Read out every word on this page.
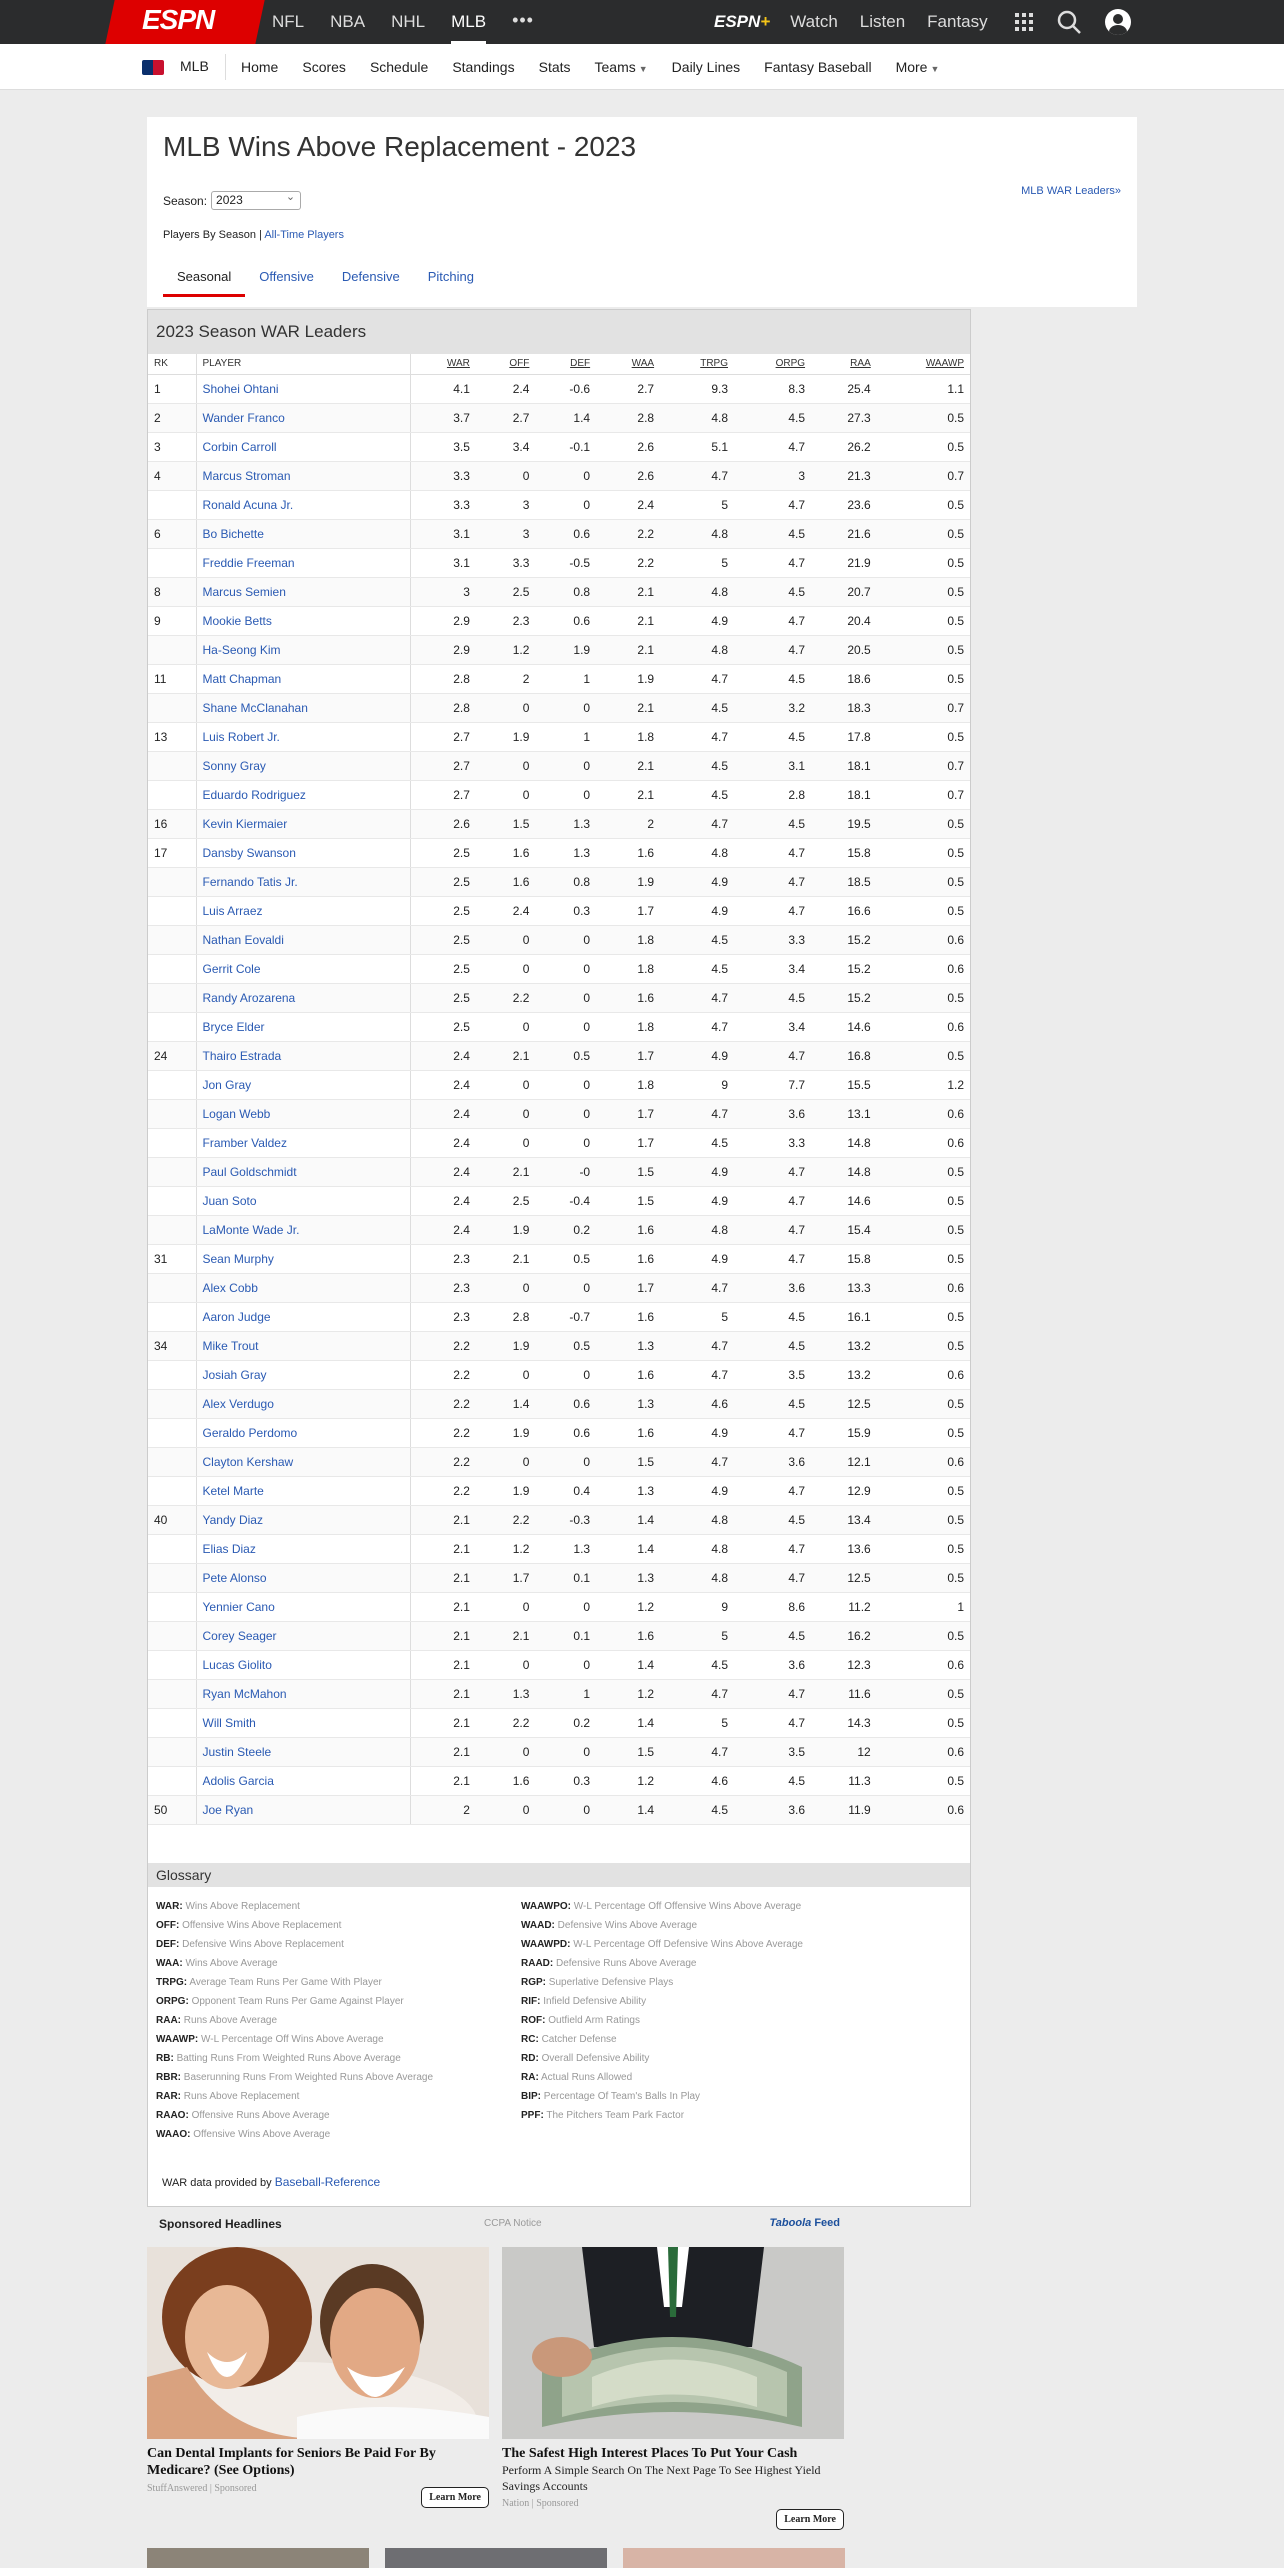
ESPN	NFL NBA NHL MLB •••	ESPN+ Watch Listen Fantasy
MLB Home Scores Schedule Standings Stats Teams ▼ Daily Lines Fantasy Baseball More ▼
MLB Wins Above Replacement - 2023
Season: 2023 ⌄
MLB WAR Leaders»
Players By Season | All-Time Players
Seasonal	Offensive	Defensive	Pitching
2023 Season WAR Leaders
RK	PLAYER	WAR	OFF	DEF	WAA	TRPG	ORPG	RAA	WAAWP
1	Shohei Ohtani	4.1	2.4	-0.6	2.7	9.3	8.3	25.4	1.1
2	Wander Franco	3.7	2.7	1.4	2.8	4.8	4.5	27.3	0.5
3	Corbin Carroll	3.5	3.4	-0.1	2.6	5.1	4.7	26.2	0.5
4	Marcus Stroman	3.3	0	0	2.6	4.7	3	21.3	0.7
	Ronald Acuna Jr.	3.3	3	0	2.4	5	4.7	23.6	0.5
6	Bo Bichette	3.1	3	0.6	2.2	4.8	4.5	21.6	0.5
	Freddie Freeman	3.1	3.3	-0.5	2.2	5	4.7	21.9	0.5
8	Marcus Semien	3	2.5	0.8	2.1	4.8	4.5	20.7	0.5
9	Mookie Betts	2.9	2.3	0.6	2.1	4.9	4.7	20.4	0.5
	Ha-Seong Kim	2.9	1.2	1.9	2.1	4.8	4.7	20.5	0.5
11	Matt Chapman	2.8	2	1	1.9	4.7	4.5	18.6	0.5
	Shane McClanahan	2.8	0	0	2.1	4.5	3.2	18.3	0.7
13	Luis Robert Jr.	2.7	1.9	1	1.8	4.7	4.5	17.8	0.5
	Sonny Gray	2.7	0	0	2.1	4.5	3.1	18.1	0.7
	Eduardo Rodriguez	2.7	0	0	2.1	4.5	2.8	18.1	0.7
16	Kevin Kiermaier	2.6	1.5	1.3	2	4.7	4.5	19.5	0.5
17	Dansby Swanson	2.5	1.6	1.3	1.6	4.8	4.7	15.8	0.5
	Fernando Tatis Jr.	2.5	1.6	0.8	1.9	4.9	4.7	18.5	0.5
	Luis Arraez	2.5	2.4	0.3	1.7	4.9	4.7	16.6	0.5
	Nathan Eovaldi	2.5	0	0	1.8	4.5	3.3	15.2	0.6
	Gerrit Cole	2.5	0	0	1.8	4.5	3.4	15.2	0.6
	Randy Arozarena	2.5	2.2	0	1.6	4.7	4.5	15.2	0.5
	Bryce Elder	2.5	0	0	1.8	4.7	3.4	14.6	0.6
24	Thairo Estrada	2.4	2.1	0.5	1.7	4.9	4.7	16.8	0.5
	Jon Gray	2.4	0	0	1.8	9	7.7	15.5	1.2
	Logan Webb	2.4	0	0	1.7	4.7	3.6	13.1	0.6
	Framber Valdez	2.4	0	0	1.7	4.5	3.3	14.8	0.6
	Paul Goldschmidt	2.4	2.1	-0	1.5	4.9	4.7	14.8	0.5
	Juan Soto	2.4	2.5	-0.4	1.5	4.9	4.7	14.6	0.5
	LaMonte Wade Jr.	2.4	1.9	0.2	1.6	4.8	4.7	15.4	0.5
31	Sean Murphy	2.3	2.1	0.5	1.6	4.9	4.7	15.8	0.5
	Alex Cobb	2.3	0	0	1.7	4.7	3.6	13.3	0.6
	Aaron Judge	2.3	2.8	-0.7	1.6	5	4.5	16.1	0.5
34	Mike Trout	2.2	1.9	0.5	1.3	4.7	4.5	13.2	0.5
	Josiah Gray	2.2	0	0	1.6	4.7	3.5	13.2	0.6
	Alex Verdugo	2.2	1.4	0.6	1.3	4.6	4.5	12.5	0.5
	Geraldo Perdomo	2.2	1.9	0.6	1.6	4.9	4.7	15.9	0.5
	Clayton Kershaw	2.2	0	0	1.5	4.7	3.6	12.1	0.6
	Ketel Marte	2.2	1.9	0.4	1.3	4.9	4.7	12.9	0.5
40	Yandy Diaz	2.1	2.2	-0.3	1.4	4.8	4.5	13.4	0.5
	Elias Diaz	2.1	1.2	1.3	1.4	4.8	4.7	13.6	0.5
	Pete Alonso	2.1	1.7	0.1	1.3	4.8	4.7	12.5	0.5
	Yennier Cano	2.1	0	0	1.2	9	8.6	11.2	1
	Corey Seager	2.1	2.1	0.1	1.6	5	4.5	16.2	0.5
	Lucas Giolito	2.1	0	0	1.4	4.5	3.6	12.3	0.6
	Ryan McMahon	2.1	1.3	1	1.2	4.7	4.7	11.6	0.5
	Will Smith	2.1	2.2	0.2	1.4	5	4.7	14.3	0.5
	Justin Steele	2.1	0	0	1.5	4.7	3.5	12	0.6
	Adolis Garcia	2.1	1.6	0.3	1.2	4.6	4.5	11.3	0.5
50	Joe Ryan	2	0	0	1.4	4.5	3.6	11.9	0.6
Glossary
WAR: Wins Above Replacement
OFF: Offensive Wins Above Replacement
DEF: Defensive Wins Above Replacement
WAA: Wins Above Average
TRPG: Average Team Runs Per Game With Player
ORPG: Opponent Team Runs Per Game Against Player
RAA: Runs Above Average
WAAWP: W-L Percentage Off Wins Above Average
RB: Batting Runs From Weighted Runs Above Average
RBR: Baserunning Runs From Weighted Runs Above Average
RAR: Runs Above Replacement
RAAO: Offensive Runs Above Average
WAAO: Offensive Wins Above Average
WAAWPO: W-L Percentage Off Offensive Wins Above Average
WAAD: Defensive Wins Above Average
WAAWPD: W-L Percentage Off Defensive Wins Above Average
RAAD: Defensive Runs Above Average
RGP: Superlative Defensive Plays
RIF: Infield Defensive Ability
ROF: Outfield Arm Ratings
RC: Catcher Defense
RD: Overall Defensive Ability
RA: Actual Runs Allowed
BIP: Percentage Of Team's Balls In Play
PPF: The Pitchers Team Park Factor
WAR data provided by Baseball-Reference
Sponsored Headlines	CCPA Notice	Taboola Feed
Can Dental Implants for Seniors Be Paid For By Medicare? (See Options)
StuffAnswered | Sponsored
Learn More
The Safest High Interest Places To Put Your Cash
Perform A Simple Search On The Next Page To See Highest Yield Savings Accounts
Nation | Sponsored
Learn More
